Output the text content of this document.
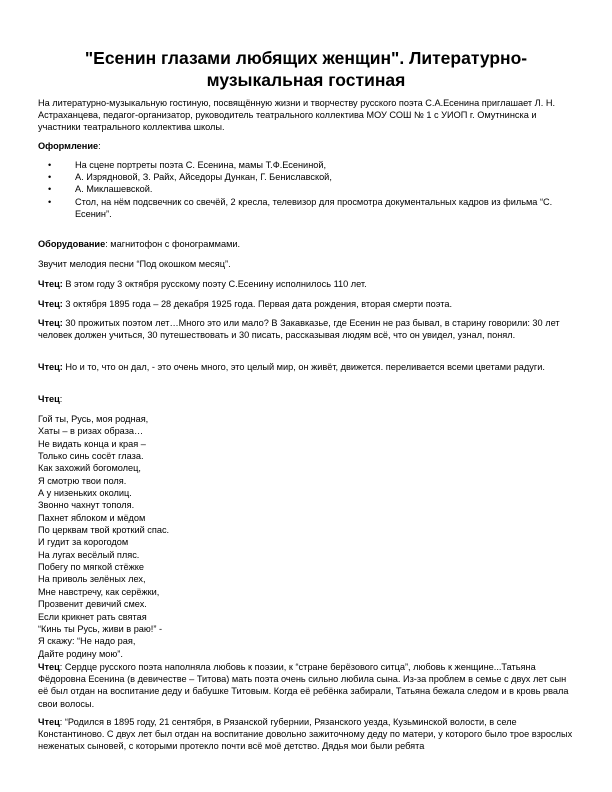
"Есенин глазами любящих женщин". Литературно-музыкальная гостиная
На литературно-музыкальную гостиную, посвящённую жизни и творчеству русского поэта С.А.Есенина приглашает Л. Н. Астраханцева, педагог-организатор, руководитель театрального коллектива МОУ СОШ № 1 с УИОП г. Омутнинска и участники театрального коллектива школы.
Оформление:
• На сцене портреты поэта С. Есенина, мамы Т.Ф.Есениной,
• А. Изрядновой, З. Райх, Айседоры Дункан, Г. Бениславской,
• А. Миклашевской.
• Стол, на нём подсвечник со свечёй, 2 кресла, телевизор для просмотра документальных кадров из фильма “С. Есенин”.
Оборудование: магнитофон с фонограммами.
Звучит мелодия песни “Под окошком месяц”.
Чтец: В этом году 3 октября русскому поэту С.Есенину исполнилось 110 лет.
Чтец: 3 октября 1895 года – 28 декабря 1925 года. Первая дата рождения, вторая смерти поэта.
Чтец: 30 прожитых поэтом лет…Много это или мало? В Закавказье, где Есенин не раз бывал, в старину говорили: 30 лет человек должен учиться, 30 путешествовать и 30 писать, рассказывая людям всё, что он увидел, узнал, понял.
Чтец: Но и то, что он дал, - это очень много, это целый мир, он живёт, движется. переливается всеми цветами радуги.
Чтец:
Гой ты, Русь, моя родная,
Хаты – в ризах образа…
Не видать конца и края –
Только синь сосёт глаза.
Как захожий богомолец,
Я смотрю твои поля.
А у низеньких околиц.
Звонно чахнут тополя.
Пахнет яблоком и мёдом
По церквам твой кроткий спас.
И гудит за корогодом
На лугах весёлый пляс.
Побегу по мягкой стёжке
На приволь зелёных лех,
Мне навстречу, как серёжки,
Прозвенит девичий смех.
Если крикнет рать святая
“Кинь ты Русь, живи в раю!” -
Я скажу: “Не надо рая,
Дайте родину мою”.
Чтец: Сердце русского поэта наполняла любовь к поэзии, к “стране берёзового ситца”, любовь к женщине...Татьяна Фёдоровна Есенина (в девичестве – Титова) мать поэта очень сильно любила сына. Из-за проблем в семье с двух лет сын её был отдан на воспитание деду и бабушке Титовым. Когда её ребёнка забирали, Татьяна бежала следом и в кровь рвала свои волосы.
Чтец: “Родился в 1895 году, 21 сентября, в Рязанской губернии, Рязанского уезда, Кузьминской волости, в селе Константиново. С двух лет был отдан на воспитание довольно зажиточному деду по матери, у которого было трое взрослых неженатых сыновей, с которыми протекло почти всё моё детство. Дядья мои были ребята
